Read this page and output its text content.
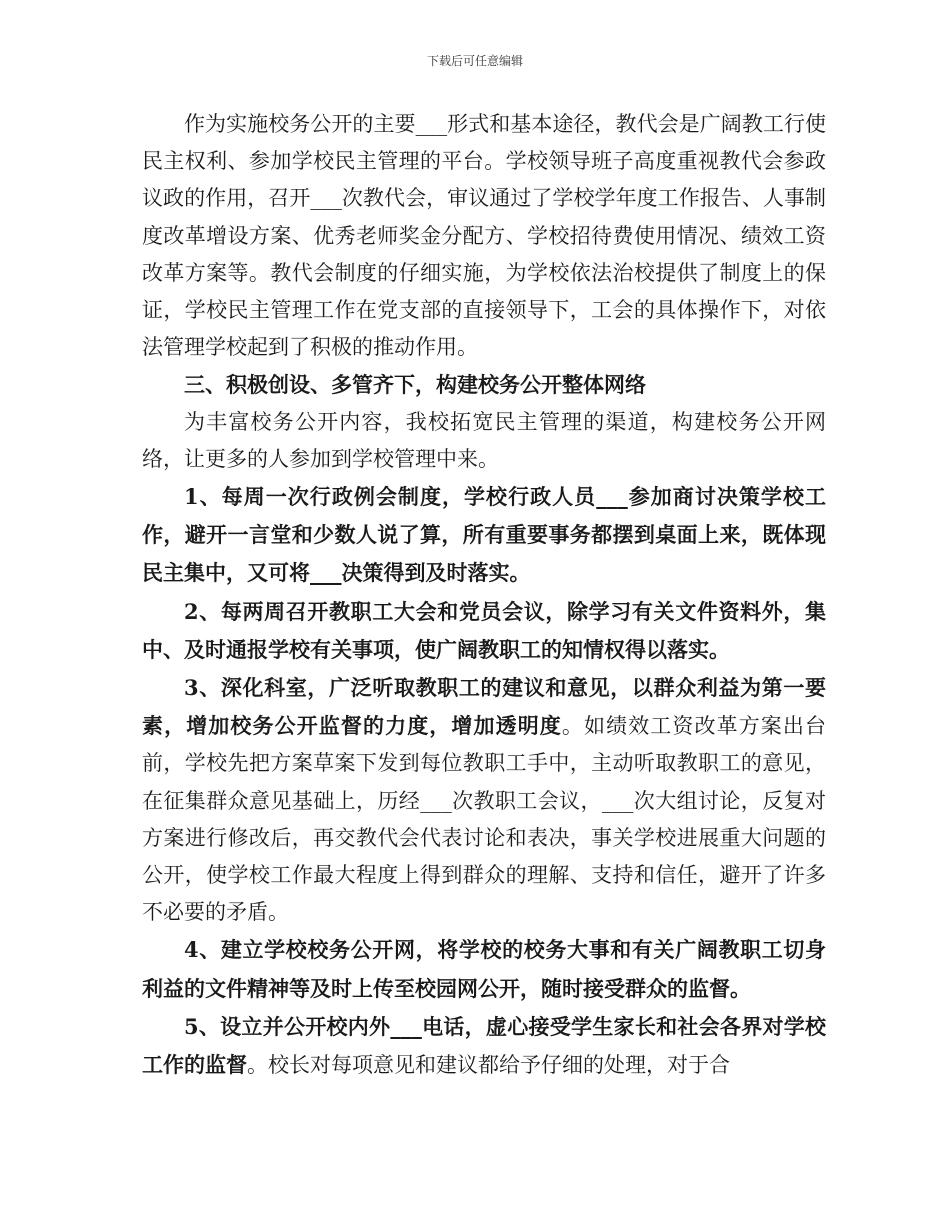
下载后可任意编辑

作为实施校务公开的主要___形式和基本途径，教代会是广阔教工行使民主权利、参加学校民主管理的平台。学校领导班子高度重视教代会参政议政的作用，召开___次教代会，审议通过了学校学年度工作报告、人事制度改革增设方案、优秀老师奖金分配方、学校招待费使用情况、绩效工资改革方案等。教代会制度的仔细实施，为学校依法治校提供了制度上的保证，学校民主管理工作在党支部的直接领导下，工会的具体操作下，对依法管理学校起到了积极的推动作用。

三、积极创设、多管齐下，构建校务公开整体网络

为丰富校务公开内容，我校拓宽民主管理的渠道，构建校务公开网络，让更多的人参加到学校管理中来。

1、每周一次行政例会制度，学校行政人员___参加商讨决策学校工作，避开一言堂和少数人说了算，所有重要事务都摆到桌面上来，既体现民主集中，又可将___决策得到及时落实。

2、每两周召开教职工大会和党员会议，除学习有关文件资料外，集中、及时通报学校有关事项，使广阔教职工的知情权得以落实。

3、深化科室，广泛听取教职工的建议和意见，以群众利益为第一要素，增加校务公开监督的力度，增加透明度。如绩效工资改革方案出台前，学校先把方案草案下发到每位教职工手中，主动听取教职工的意见，在征集群众意见基础上，历经___次教职工会议，___次大组讨论，反复对方案进行修改后，再交教代会代表讨论和表决，事关学校进展重大问题的公开，使学校工作最大程度上得到群众的理解、支持和信任，避开了许多不必要的矛盾。

4、建立学校校务公开网，将学校的校务大事和有关广阔教职工切身利益的文件精神等及时上传至校园网公开，随时接受群众的监督。

5、设立并公开校内外___电话，虚心接受学生家长和社会各界对学校工作的监督。校长对每项意见和建议都给予仔细的处理，对于合
